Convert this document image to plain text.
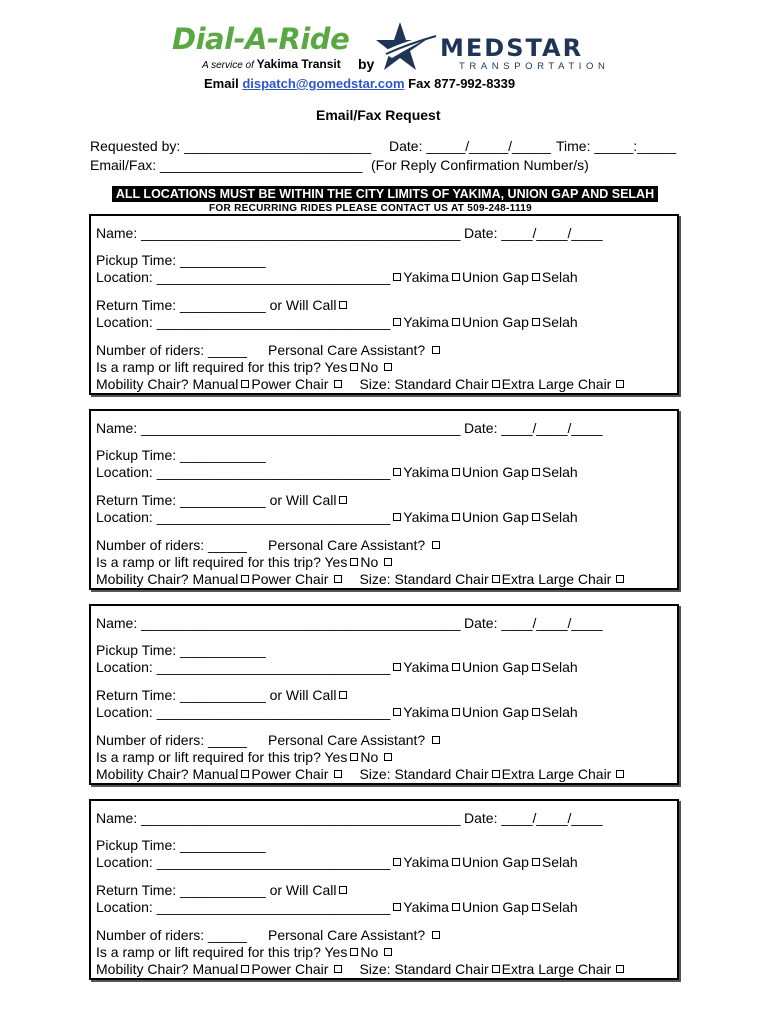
Dial-A-Ride
A service of Yakima Transit by
MEDSTAR
TRANSPORTATION
Email dispatch@gomedstar.com Fax 877-992-8339
Email/Fax Request
Requested by: ________________________ Date: _____/_____/_____ Time: _____:_____
Email/Fax: __________________________ (For Reply Confirmation Number/s)
ALL LOCATIONS MUST BE WITHIN THE CITY LIMITS OF YAKIMA, UNION GAP AND SELAH
FOR RECURRING RIDES PLEASE CONTACT US AT 509-248-1119
Name: _________________________________________ Date: ____/____/____
Pickup Time: ___________
Location: ______________________________ Yakima Union Gap Selah
Return Time: ___________ or Will Call
Location: ______________________________ Yakima Union Gap Selah
Number of riders: _____ Personal Care Assistant?
Is a ramp or lift required for this trip? Yes No
Mobility Chair? Manual Power Chair Size: Standard Chair Extra Large Chair
Name: _________________________________________ Date: ____/____/____
Pickup Time: ___________
Location: ______________________________ Yakima Union Gap Selah
Return Time: ___________ or Will Call
Location: ______________________________ Yakima Union Gap Selah
Number of riders: _____ Personal Care Assistant?
Is a ramp or lift required for this trip? Yes No
Mobility Chair? Manual Power Chair Size: Standard Chair Extra Large Chair
Name: _________________________________________ Date: ____/____/____
Pickup Time: ___________
Location: ______________________________ Yakima Union Gap Selah
Return Time: ___________ or Will Call
Location: ______________________________ Yakima Union Gap Selah
Number of riders: _____ Personal Care Assistant?
Is a ramp or lift required for this trip? Yes No
Mobility Chair? Manual Power Chair Size: Standard Chair Extra Large Chair
Name: _________________________________________ Date: ____/____/____
Pickup Time: ___________
Location: ______________________________ Yakima Union Gap Selah
Return Time: ___________ or Will Call
Location: ______________________________ Yakima Union Gap Selah
Number of riders: _____ Personal Care Assistant?
Is a ramp or lift required for this trip? Yes No
Mobility Chair? Manual Power Chair Size: Standard Chair Extra Large Chair
